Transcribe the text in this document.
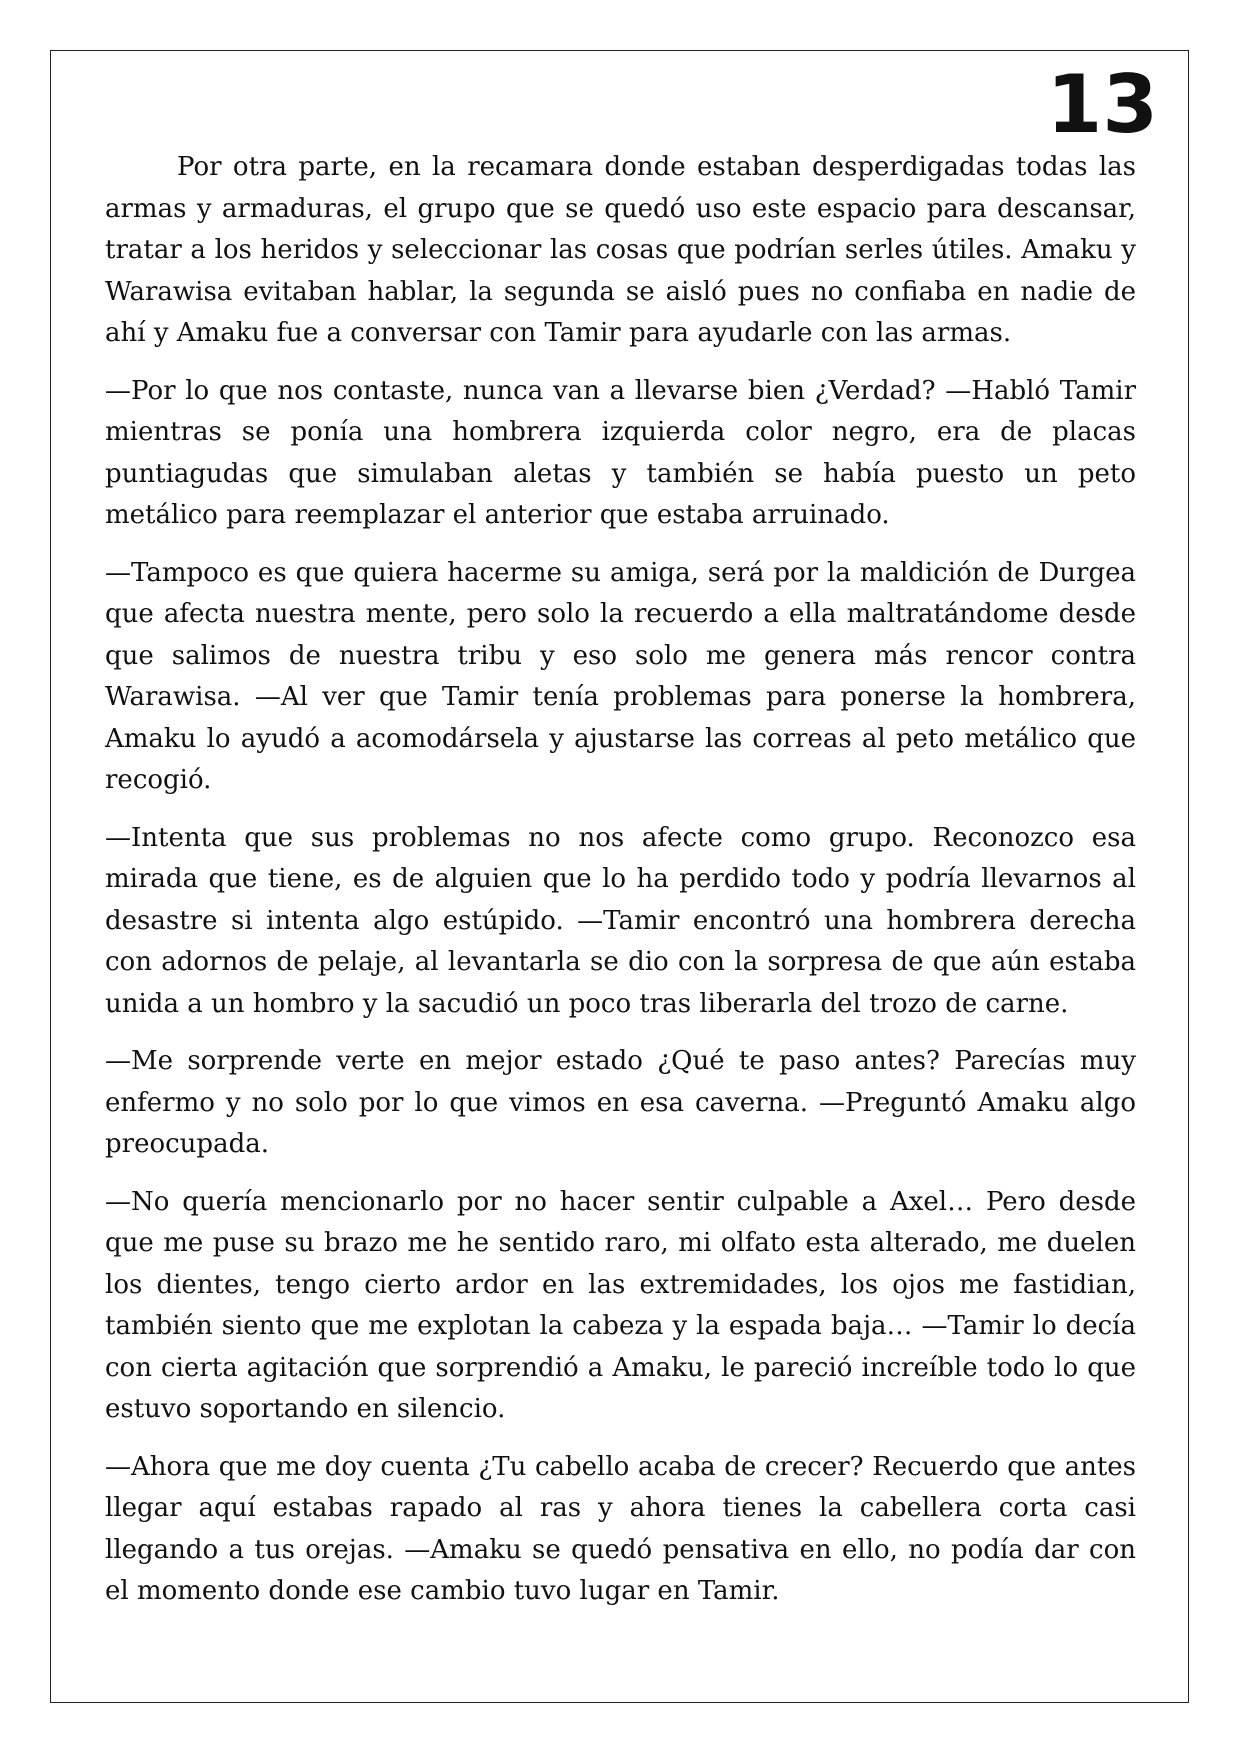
13

Por otra parte, en la recamara donde estaban desperdigadas todas las armas y armaduras, el grupo que se quedó uso este espacio para descansar, tratar a los heridos y seleccionar las cosas que podrían serles útiles. Amaku y Warawisa evitaban hablar, la segunda se aisló pues no confiaba en nadie de ahí y Amaku fue a conversar con Tamir para ayudarle con las armas.

—Por lo que nos contaste, nunca van a llevarse bien ¿Verdad? —Habló Tamir mientras se ponía una hombrera izquierda color negro, era de placas puntiagudas que simulaban aletas y también se había puesto un peto metálico para reemplazar el anterior que estaba arruinado.

—Tampoco es que quiera hacerme su amiga, será por la maldición de Durgea que afecta nuestra mente, pero solo la recuerdo a ella maltratándome desde que salimos de nuestra tribu y eso solo me genera más rencor contra Warawisa. —Al ver que Tamir tenía problemas para ponerse la hombrera, Amaku lo ayudó a acomodársela y ajustarse las correas al peto metálico que recogió.

—Intenta que sus problemas no nos afecte como grupo. Reconozco esa mirada que tiene, es de alguien que lo ha perdido todo y podría llevarnos al desastre si intenta algo estúpido. —Tamir encontró una hombrera derecha con adornos de pelaje, al levantarla se dio con la sorpresa de que aún estaba unida a un hombro y la sacudió un poco tras liberarla del trozo de carne.

—Me sorprende verte en mejor estado ¿Qué te paso antes? Parecías muy enfermo y no solo por lo que vimos en esa caverna. —Preguntó Amaku algo preocupada.

—No quería mencionarlo por no hacer sentir culpable a Axel… Pero desde que me puse su brazo me he sentido raro, mi olfato esta alterado, me duelen los dientes, tengo cierto ardor en las extremidades, los ojos me fastidian, también siento que me explotan la cabeza y la espada baja… —Tamir lo decía con cierta agitación que sorprendió a Amaku, le pareció increíble todo lo que estuvo soportando en silencio.

—Ahora que me doy cuenta ¿Tu cabello acaba de crecer? Recuerdo que antes llegar aquí estabas rapado al ras y ahora tienes la cabellera corta casi llegando a tus orejas. —Amaku se quedó pensativa en ello, no podía dar con el momento donde ese cambio tuvo lugar en Tamir.
